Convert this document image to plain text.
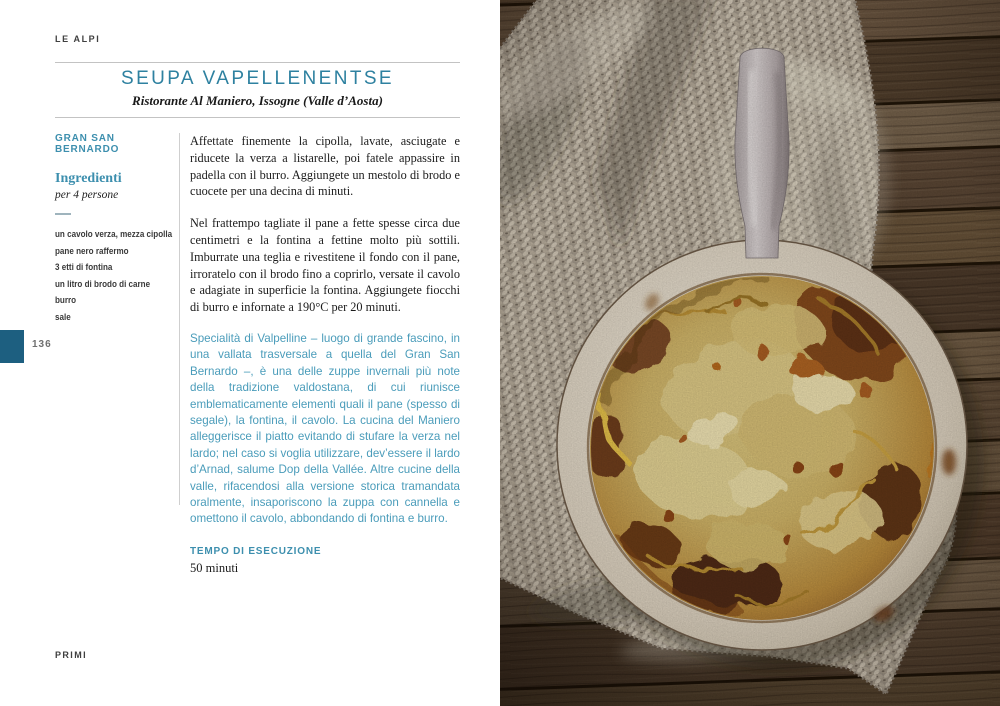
LE ALPI
SEUPA VAPELLENENTSE
Ristorante Al Maniero, Issogne (Valle d’Aosta)
GRAN SAN BERNARDO
Ingredienti
per 4 persone
un cavolo verza, mezza cipolla
pane nero raffermo
3 etti di fontina
un litro di brodo di carne
burro
sale

Affettate finemente la cipolla, lavate, asciugate e riducete la verza a listarelle, poi fatele appassire in padella con il burro. Aggiungete un mestolo di brodo e cuocete per una decina di minuti.

Nel frattempo tagliate il pane a fette spesse circa due centimetri e la fontina a fettine molto più sottili. Imburrate una teglia e rivestitene il fondo con il pane, irroratelo con il brodo fino a coprirlo, versate il cavolo e adagiate in superficie la fontina. Aggiungete fiocchi di burro e infornate a 190°C per 20 minuti.

Specialità di Valpelline – luogo di grande fascino, in una vallata trasversale a quella del Gran San Bernardo –, è una delle zuppe invernali più note della tradizione valdostana, di cui riunisce emblematicamente elementi quali il pane (spesso di segale), la fontina, il cavolo. La cucina del Maniero alleggerisce il piatto evitando di stufare la verza nel lardo; nel caso si voglia utilizzare, dev’essere il lardo d’Arnad, salume Dop della Vallée. Altre cucine della valle, rifacendosi alla versione storica tramandata oralmente, insaporiscono la zuppa con cannella e omettono il cavolo, abbondando di fontina e burro.

TEMPO DI ESECUZIONE
50 minuti
136
PRIMI
